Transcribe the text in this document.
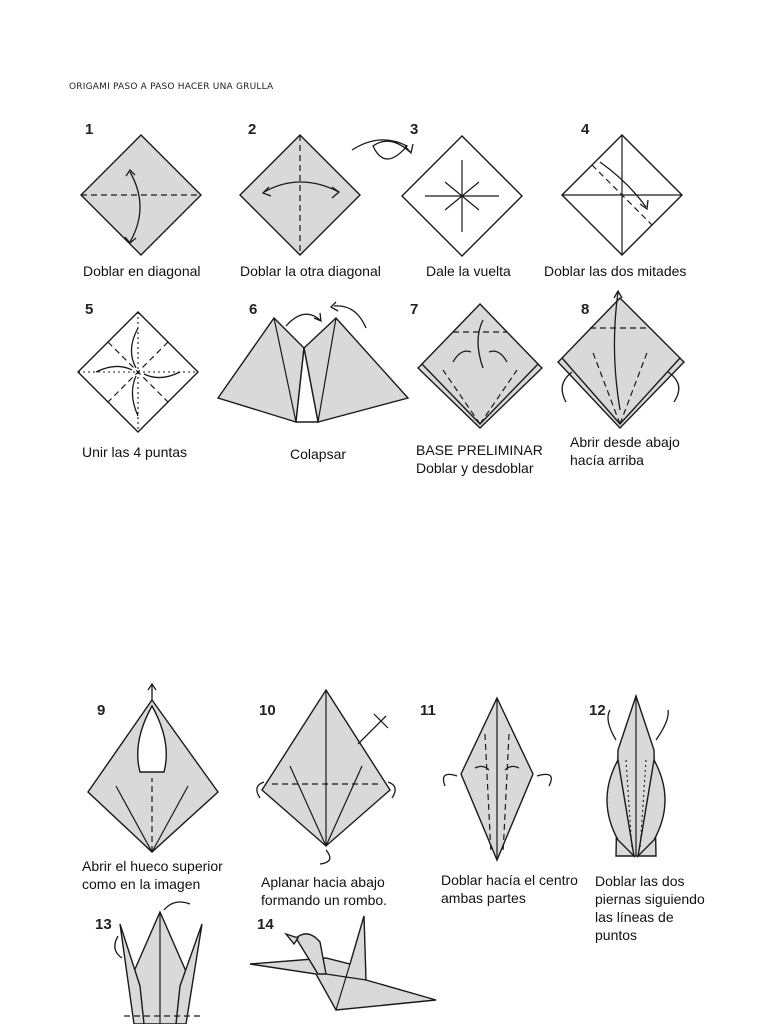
ORIGAMI PASO A PASO HACER UNA GRULLA
1
Doblar en diagonal
2
Doblar la otra diagonal
3
Dale la vuelta
4
Doblar las dos mitades
5
Unir las 4 puntas
6
Colapsar
7
BASE PRELIMINAR
Doblar y desdoblar
8
Abrir desde abajo
hacía arriba
9
Abrir el hueco superior
como en la imagen
10
Aplanar hacia abajo
formando un rombo.
11
Doblar hacía el centro
ambas partes
12
Doblar las dos
piernas siguiendo
las líneas de
puntos
13	14
